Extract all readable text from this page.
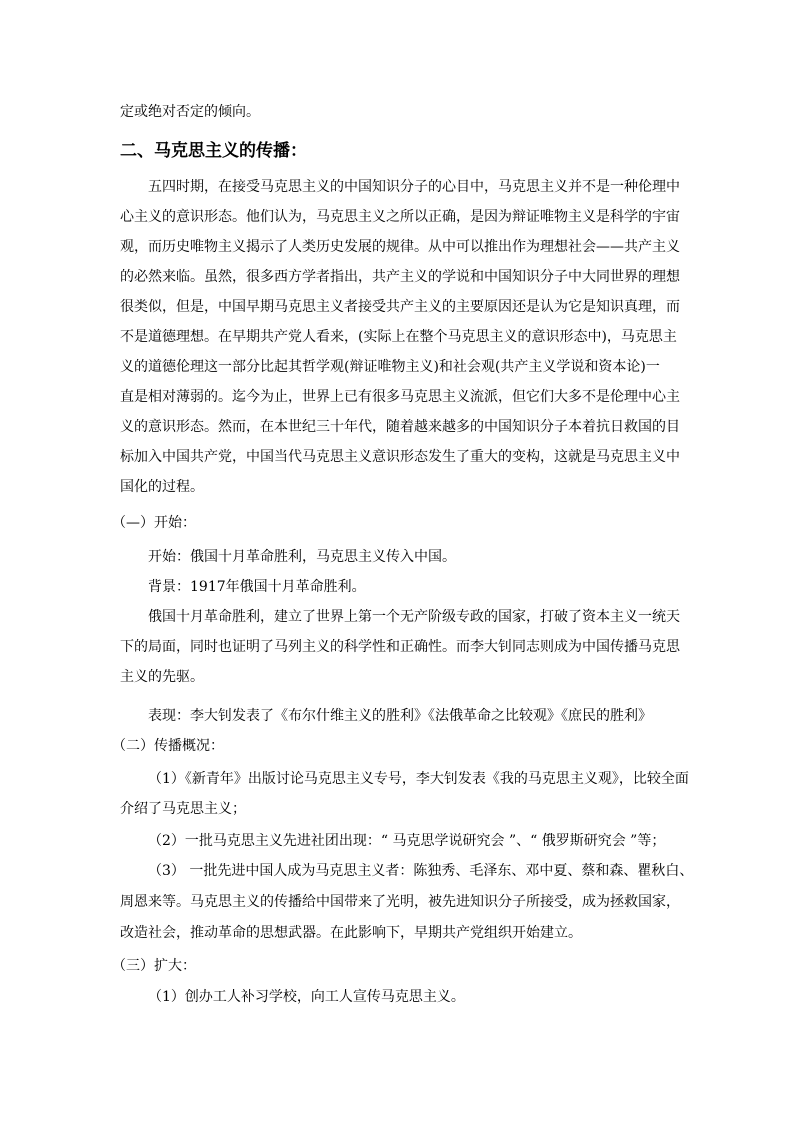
定或绝对否定的倾向。
二、马克思主义的传播：
五四时期，在接受马克思主义的中国知识分子的心目中，马克思主义并不是一种伦理中
心主义的意识形态。他们认为，马克思主义之所以正确，是因为辩证唯物主义是科学的宇宙
观，而历史唯物主义揭示了人类历史发展的规律。从中可以推出作为理想社会——共产主义
的必然来临。虽然，很多西方学者指出，共产主义的学说和中国知识分子中大同世界的理想
很类似，但是，中国早期马克思主义者接受共产主义的主要原因还是认为它是知识真理，而
不是道德理想。在早期共产党人看来，(实际上在整个马克思主义的意识形态中)，马克思主
义的道德伦理这一部分比起其哲学观(辩证唯物主义)和社会观(共产主义学说和资本论)一
直是相对薄弱的。迄今为止，世界上已有很多马克思主义流派，但它们大多不是伦理中心主
义的意识形态。然而，在本世纪三十年代，随着越来越多的中国知识分子本着抗日救国的目
标加入中国共产党，中国当代马克思主义意识形态发生了重大的变构，这就是马克思主义中
国化的过程。
（—）开始：
开始：俄国十月革命胜利，马克思主义传入中国。
背景：1917年俄国十月革命胜利。
俄国十月革命胜利，建立了世界上第一个无产阶级专政的国家，打破了资本主义一统天
下的局面，同时也证明了马列主义的科学性和正确性。而李大钊同志则成为中国传播马克思
主义的先驱。
表现：李大钊发表了《布尔什维主义的胜利》《法俄革命之比较观》《庶民的胜利》
（二）传播概况：
（1）《新青年》出版讨论马克思主义专号，李大钊发表《我的马克思主义观》，比较全面
介绍了马克思主义；
（2）一批马克思主义先进社团出现：“ 马克思学说研究会 ”、“ 俄罗斯研究会 ”等；
（3） 一批先进中国人成为马克思主义者：陈独秀、毛泽东、邓中夏、蔡和森、瞿秋白、
周恩来等。马克思主义的传播给中国带来了光明，被先进知识分子所接受，成为拯救国家，
改造社会，推动革命的思想武器。在此影响下，早期共产党组织开始建立。
（三）扩大：
（1）创办工人补习学校，向工人宣传马克思主义。
